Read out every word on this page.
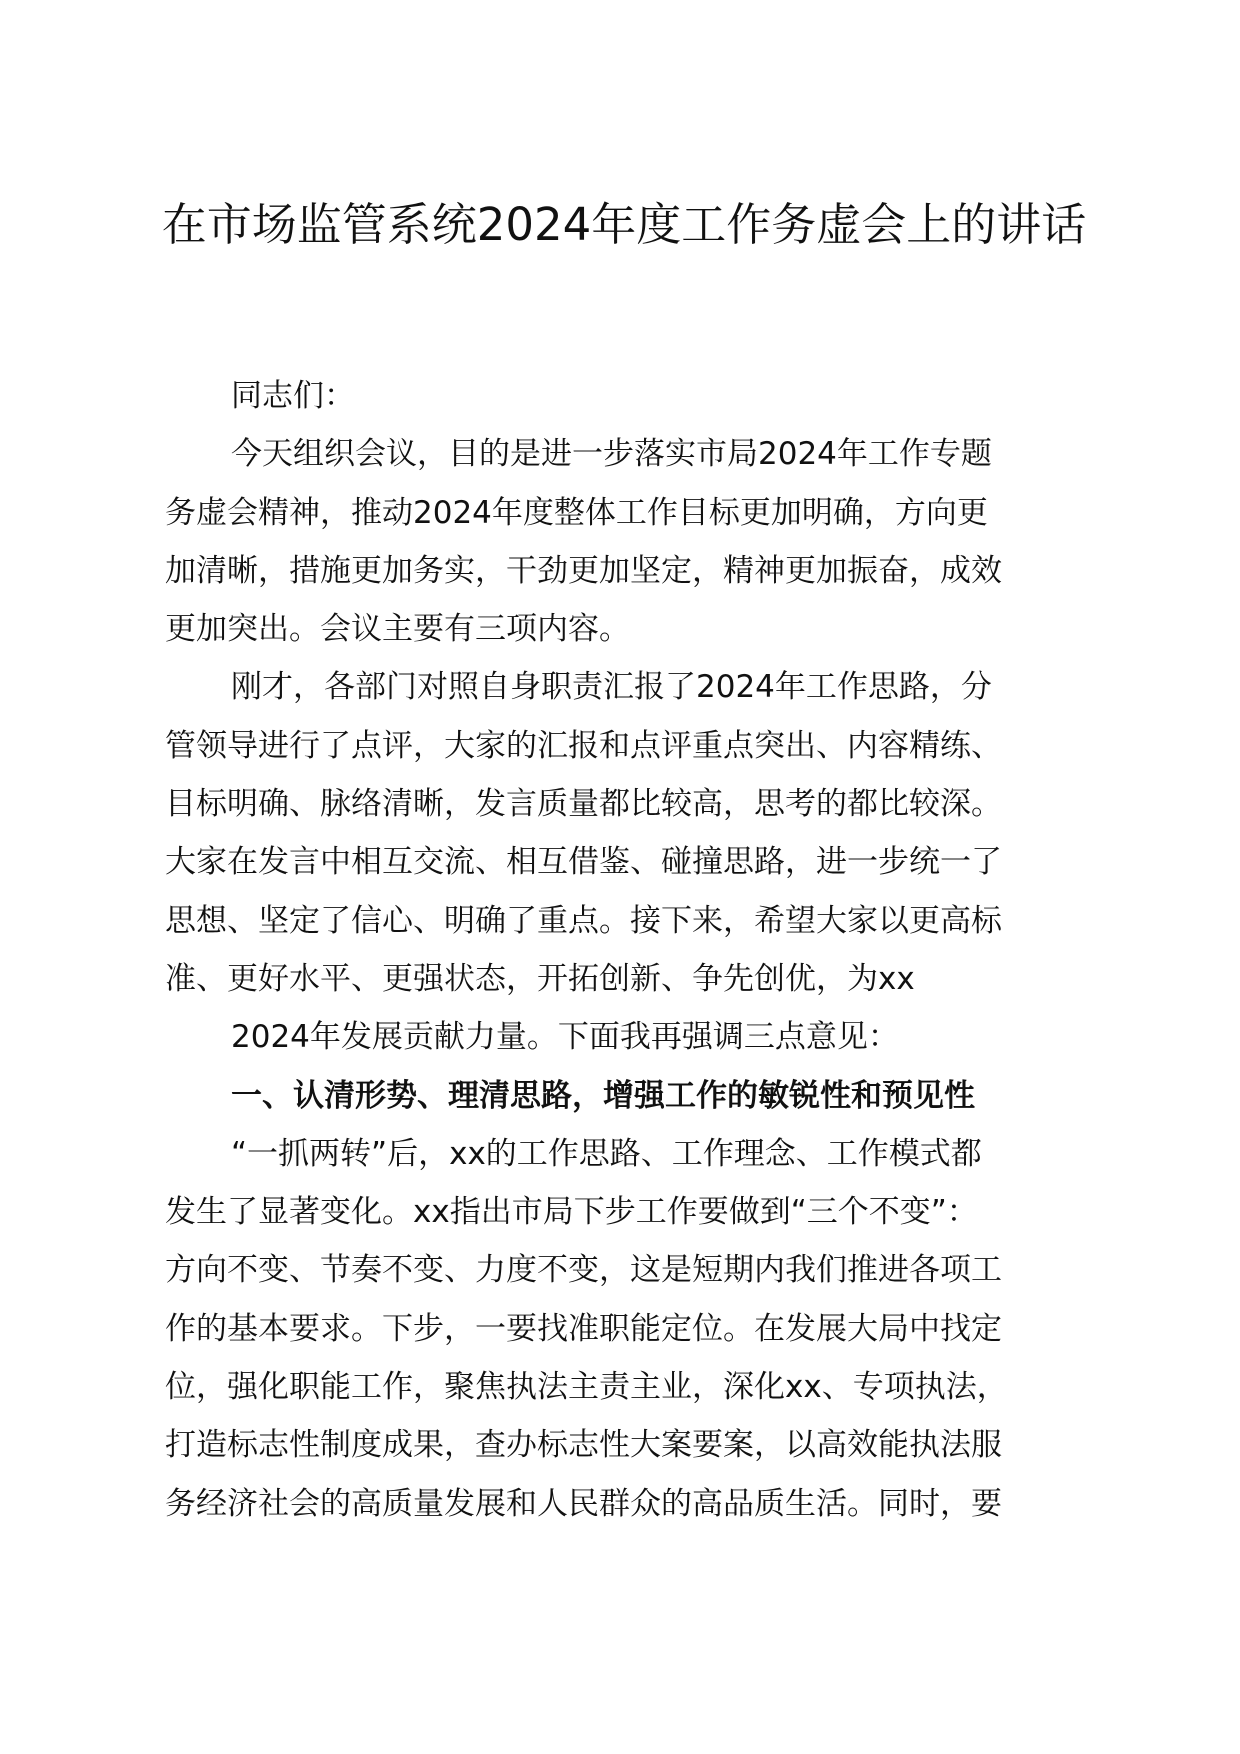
在市场监管系统2024年度工作务虚会上的讲话
同志们：
今天组织会议，目的是进一步落实市局2024年工作专题
务虚会精神，推动2024年度整体工作目标更加明确，方向更
加清晰，措施更加务实，干劲更加坚定，精神更加振奋，成效
更加突出。会议主要有三项内容。
刚才，各部门对照自身职责汇报了2024年工作思路，分
管领导进行了点评，大家的汇报和点评重点突出、内容精练、
目标明确、脉络清晰，发言质量都比较高，思考的都比较深。
大家在发言中相互交流、相互借鉴、碰撞思路，进一步统一了
思想、坚定了信心、明确了重点。接下来，希望大家以更高标
准、更好水平、更强状态，开拓创新、争先创优，为xx
2024年发展贡献力量。下面我再强调三点意见：
一、认清形势、理清思路，增强工作的敏锐性和预见性
“一抓两转”后，xx的工作思路、工作理念、工作模式都
发生了显著变化。xx指出市局下步工作要做到“三个不变”：
方向不变、节奏不变、力度不变，这是短期内我们推进各项工
作的基本要求。下步，一要找准职能定位。在发展大局中找定
位，强化职能工作，聚焦执法主责主业，深化xx、专项执法，
打造标志性制度成果，查办标志性大案要案，以高效能执法服
务经济社会的高质量发展和人民群众的高品质生活。同时，要
